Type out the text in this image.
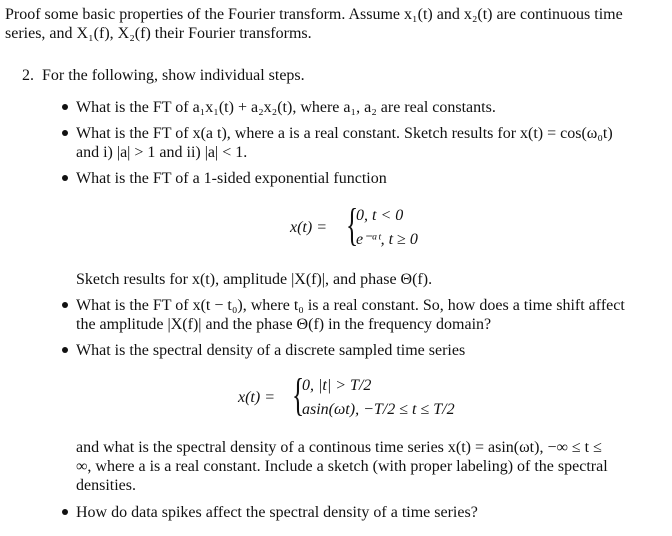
Proof some basic properties of the Fourier transform. Assume x₁(t) and x₂(t) are continuous time
series, and X₁(f), X₂(f) their Fourier transforms.
2. For the following, show individual steps.
What is the FT of a₁x₁(t) + a₂x₂(t), where a₁, a₂ are real constants.
What is the FT of x(a t), where a is a real constant. Sketch results for x(t) = cos(ω₀t)
and i) |a| > 1 and ii) |a| < 1.
What is the FT of a 1-sided exponential function
x(t) = {
0, t < 0
e⁻ᵃᵗ, t ≥ 0
Sketch results for x(t), amplitude |X(f)|, and phase Θ(f).
What is the FT of x(t − t₀), where t₀ is a real constant. So, how does a time shift affect
the amplitude |X(f)| and the phase Θ(f) in the frequency domain?
What is the spectral density of a discrete sampled time series
x(t) = {
0, |t| > T/2
asin(ωt), −T/2 ≤ t ≤ T/2
and what is the spectral density of a continous time series x(t) = asin(ωt), −∞ ≤ t ≤
∞, where a is a real constant. Include a sketch (with proper labeling) of the spectral
densities.
How do data spikes affect the spectral density of a time series?
